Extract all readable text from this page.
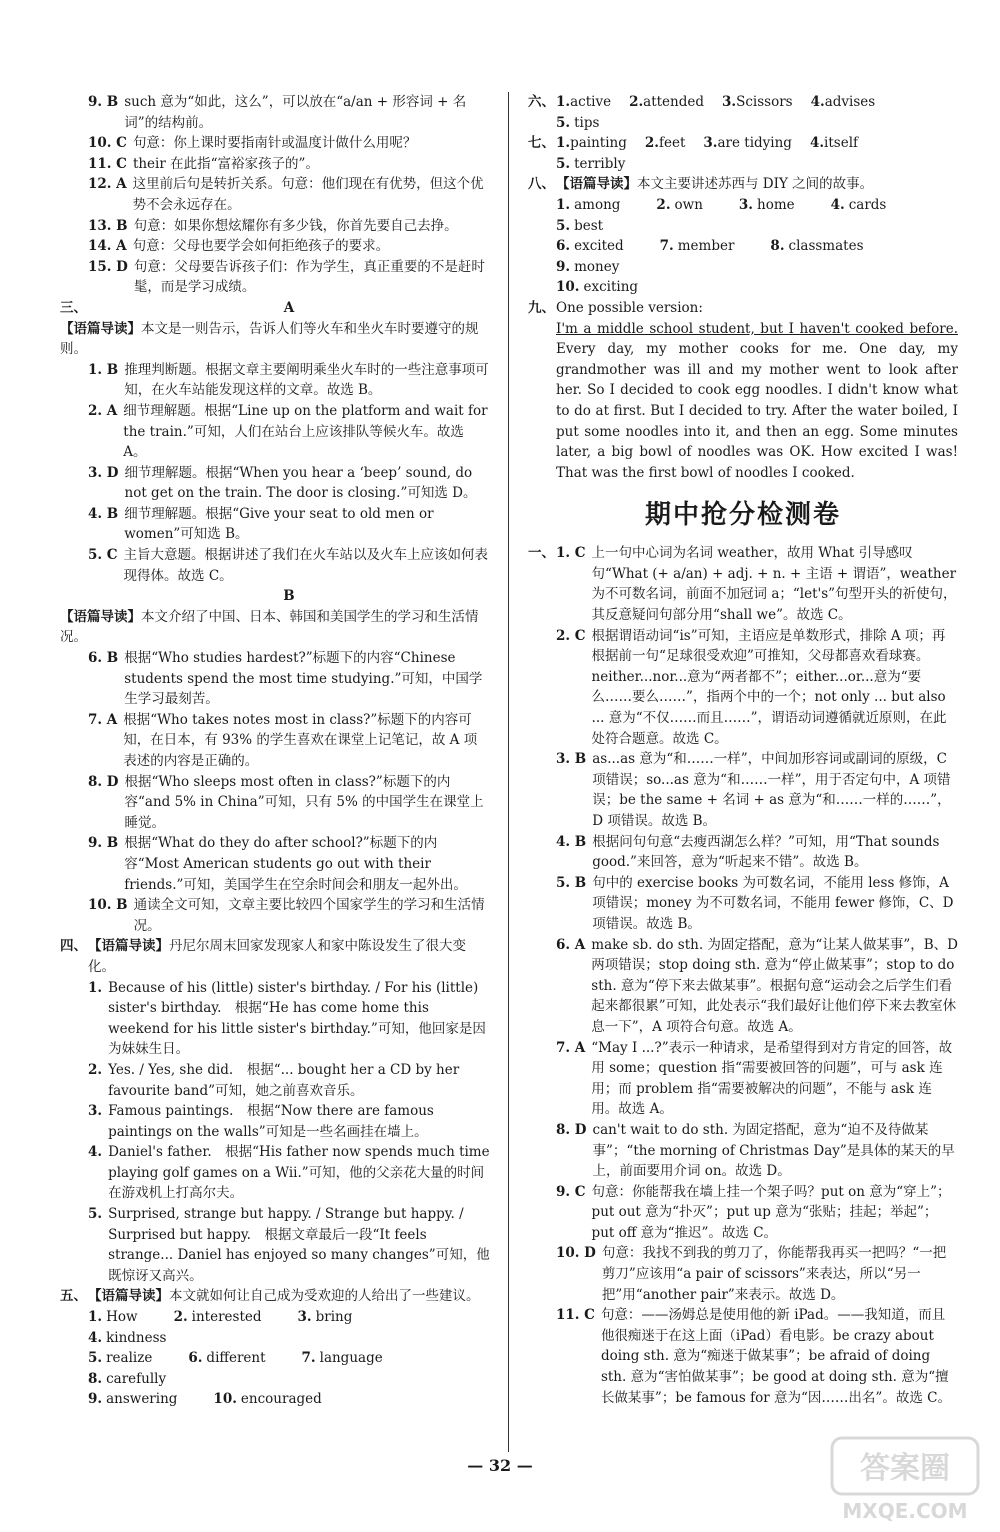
9. B such 意为“如此，这么”，可以放在“a/an + 形容词 + 名词”的结构前。
10. C 句意：你上课时要指南针或温度计做什么用呢？
11. C their 在此指“富裕家孩子的”。
12. A 这里前后句是转折关系。句意：他们现在有优势，但这个优势不会永远存在。
13. B 句意：如果你想炫耀你有多少钱，你首先要自己去挣。
14. A 句意：父母也要学会如何拒绝孩子的要求。
15. D 句意：父母要告诉孩子们：作为学生，真正重要的不是赶时髦，而是学习成绩。
三、	A
【语篇导读】本文是一则告示，告诉人们等火车和坐火车时要遵守的规则。
1. B 推理判断题。根据文章主要阐明乘坐火车时的一些注意事项可知，在火车站能发现这样的文章。故选 B。
2. A 细节理解题。根据“Line up on the platform and wait for the train.”可知，人们在站台上应该排队等候火车。故选 A。
3. D 细节理解题。根据“When you hear a ‘beep’ sound, do not get on the train. The door is closing.”可知选 D。
4. B 细节理解题。根据“Give your seat to old men or women”可知选 B。
5. C 主旨大意题。根据讲述了我们在火车站以及火车上应该如何表现得体。故选 C。
B
【语篇导读】本文介绍了中国、日本、韩国和美国学生的学习和生活情况。
6. B 根据“Who studies hardest?”标题下的内容“Chinese students spend the most time studying.”可知，中国学生学习最刻苦。
7. A 根据“Who takes notes most in class?”标题下的内容可知，在日本，有 93% 的学生喜欢在课堂上记笔记，故 A 项表述的内容是正确的。
8. D 根据“Who sleeps most often in class?”标题下的内容“and 5% in China”可知，只有 5% 的中国学生在课堂上睡觉。
9. B 根据“What do they do after school?”标题下的内容“Most American students go out with their friends.”可知，美国学生在空余时间会和朋友一起外出。
10. B 通读全文可知，文章主要比较四个国家学生的学习和生活情况。
四、 【语篇导读】丹尼尔周末回家发现家人和家中陈设发生了很大变化。
1. Because of his (little) sister's birthday. / For his (little) sister's birthday.　根据“He has come home this weekend for his little sister's birthday.”可知，他回家是因为妹妹生日。
2. Yes. / Yes, she did.　根据“... bought her a CD by her favourite band”可知，她之前喜欢音乐。
3. Famous paintings.　根据“Now there are famous paintings on the walls”可知是一些名画挂在墙上。
4. Daniel's father.　根据“His father now spends much time playing golf games on a Wii.”可知，他的父亲花大量的时间在游戏机上打高尔夫。
5. Surprised, strange but happy. / Strange but happy. / Surprised but happy.　根据文章最后一段“It feels strange... Daniel has enjoyed so many changes”可知，他既惊讶又高兴。
五、 【语篇导读】本文就如何让自己成为受欢迎的人给出了一些建议。
1. How	2. interested	3. bring
4. kindness
5. realize	6. different	7. language
8. carefully
9. answering	10. encouraged
六、 1.active 2.attended 3.Scissors 4.advises
5. tips
七、 1.painting 2.feet 3.are tidying 4.itself
5. terribly
八、 【语篇导读】本文主要讲述苏西与 DIY 之间的故事。
1. among	2. own	3. home	4. cards
5. best
6. excited	7. member	8. classmates
9. money
10. exciting
九、 One possible version:
I'm a middle school student, but I haven't cooked before. Every day, my mother cooks for me. One day, my grandmother was ill and my mother went to look after her. So I decided to cook egg noodles. I didn't know what to do at first. But I decided to try. After the water boiled, I put some noodles into it, and then an egg. Some minutes later, a big bowl of noodles was OK. How excited I was! That was the first bowl of noodles I cooked.
期中抢分检测卷
一、 1. C 上一句中心词为名词 weather，故用 What 引导感叹句“What (+ a/an) + adj. + n. + 主语 + 谓语”，weather 为不可数名词，前面不加冠词 a；“let's”句型开头的祈使句，其反意疑问句部分用“shall we”。故选 C。
2. C 根据谓语动词“is”可知，主语应是单数形式，排除 A 项；再根据前一句“足球很受欢迎”可推知，父母都喜欢看球赛。neither...nor...意为“两者都不”；either...or...意为“要么……要么……”，指两个中的一个；not only ... but also ... 意为“不仅……而且……”，谓语动词遵循就近原则，在此处符合题意。故选 C。
3. B as...as 意为“和……一样”，中间加形容词或副词的原级，C 项错误；so...as 意为“和……一样”，用于否定句中，A 项错误；be the same + 名词 + as 意为“和……一样的……”，D 项错误。故选 B。
4. B 根据问句句意“去瘦西湖怎么样？”可知，用“That sounds good.”来回答，意为“听起来不错”。故选 B。
5. B 句中的 exercise books 为可数名词，不能用 less 修饰，A 项错误；money 为不可数名词，不能用 fewer 修饰，C、D 项错误。故选 B。
6. A make sb. do sth. 为固定搭配，意为“让某人做某事”，B、D 两项错误；stop doing sth. 意为“停止做某事”；stop to do sth. 意为“停下来去做某事”。根据句意“运动会之后学生们看起来都很累”可知，此处表示“我们最好让他们停下来去教室休息一下”，A 项符合句意。故选 A。
7. A “May I ...?”表示一种请求，是希望得到对方肯定的回答，故用 some；question 指“需要被回答的问题”，可与 ask 连用；而 problem 指“需要被解决的问题”，不能与 ask 连用。故选 A。
8. D can't wait to do sth. 为固定搭配，意为“迫不及待做某事”；“the morning of Christmas Day”是具体的某天的早上，前面要用介词 on。故选 D。
9. C 句意：你能帮我在墙上挂一个架子吗？put on 意为“穿上”；put out 意为“扑灭”；put up 意为“张贴；挂起；举起”；put off 意为“推迟”。故选 C。
10. D 句意：我找不到我的剪刀了，你能帮我再买一把吗？“一把剪刀”应该用“a pair of scissors”来表达，所以“另一把”用“another pair”来表示。故选 D。
11. C 句意：——汤姆总是使用他的新 iPad。——我知道，而且他很痴迷于在这上面（iPad）看电影。be crazy about doing sth. 意为“痴迷于做某事”；be afraid of doing sth. 意为“害怕做某事”；be good at doing sth. 意为“擅长做某事”；be famous for 意为“因……出名”。故选 C。
— 32 —	答案圈
MXQE.COM
